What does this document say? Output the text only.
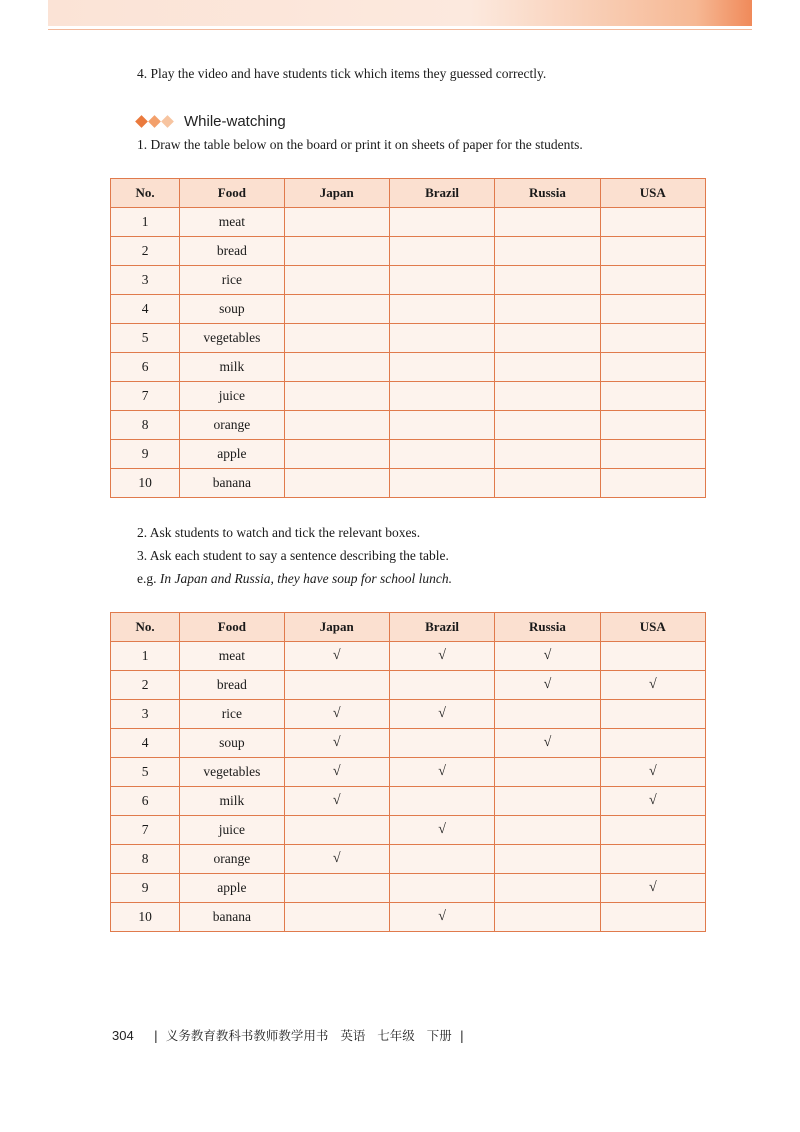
4. Play the video and have students tick which items they guessed correctly.
While-watching
1. Draw the table below on the board or print it on sheets of paper for the students.
No.	Food	Japan	Brazil	Russia	USA
1	meat				
2	bread				
3	rice				
4	soup				
5	vegetables				
6	milk				
7	juice				
8	orange				
9	apple				
10	banana				
2. Ask students to watch and tick the relevant boxes.
3. Ask each student to say a sentence describing the table.
e.g. In Japan and Russia, they have soup for school lunch.
No.	Food	Japan	Brazil	Russia	USA
1	meat	√	√	√	
2	bread			√	√
3	rice	√	√		
4	soup	√		√	
5	vegetables	√	√		√
6	milk	√			√
7	juice		√		
8	orange	√			
9	apple				√
10	banana		√		
304 | 义务教育教科书教师教学用书 英语 七年级 下册 |
